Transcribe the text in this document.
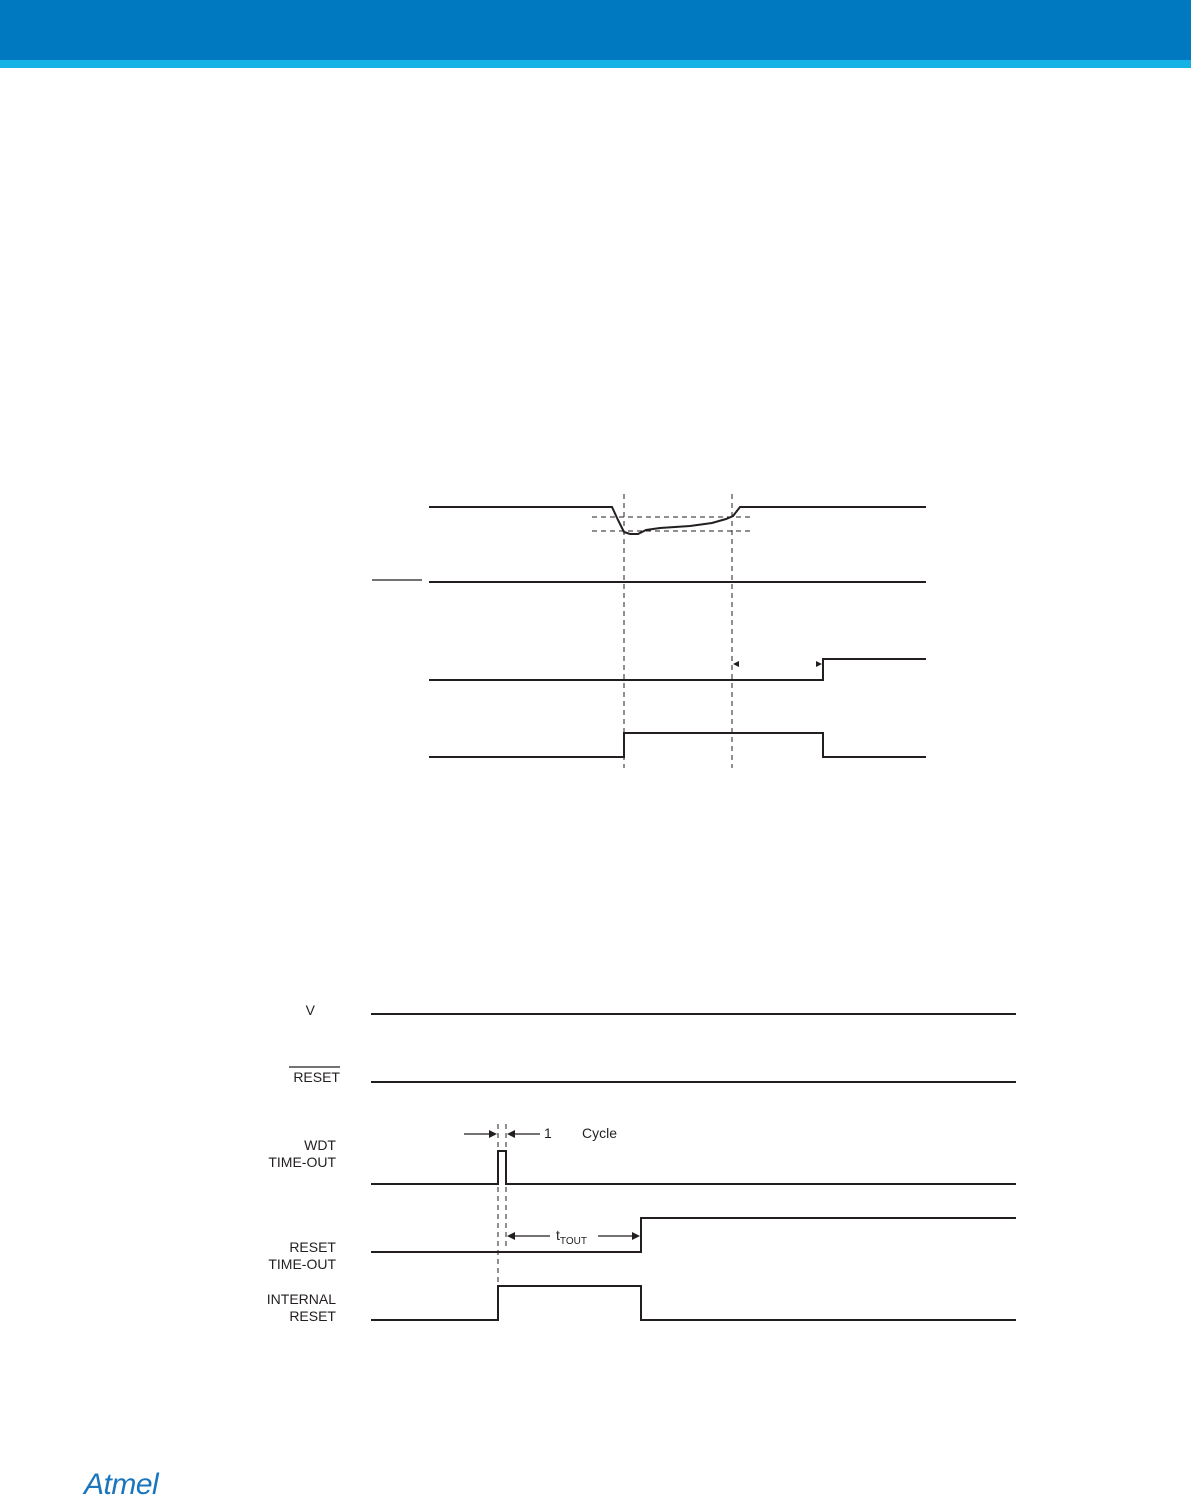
V
RESET
WDT
TIME-OUT
RESET
TIME-OUT
INTERNAL
RESET
1 Cycle
$t_{TOUT}$
Atmel
